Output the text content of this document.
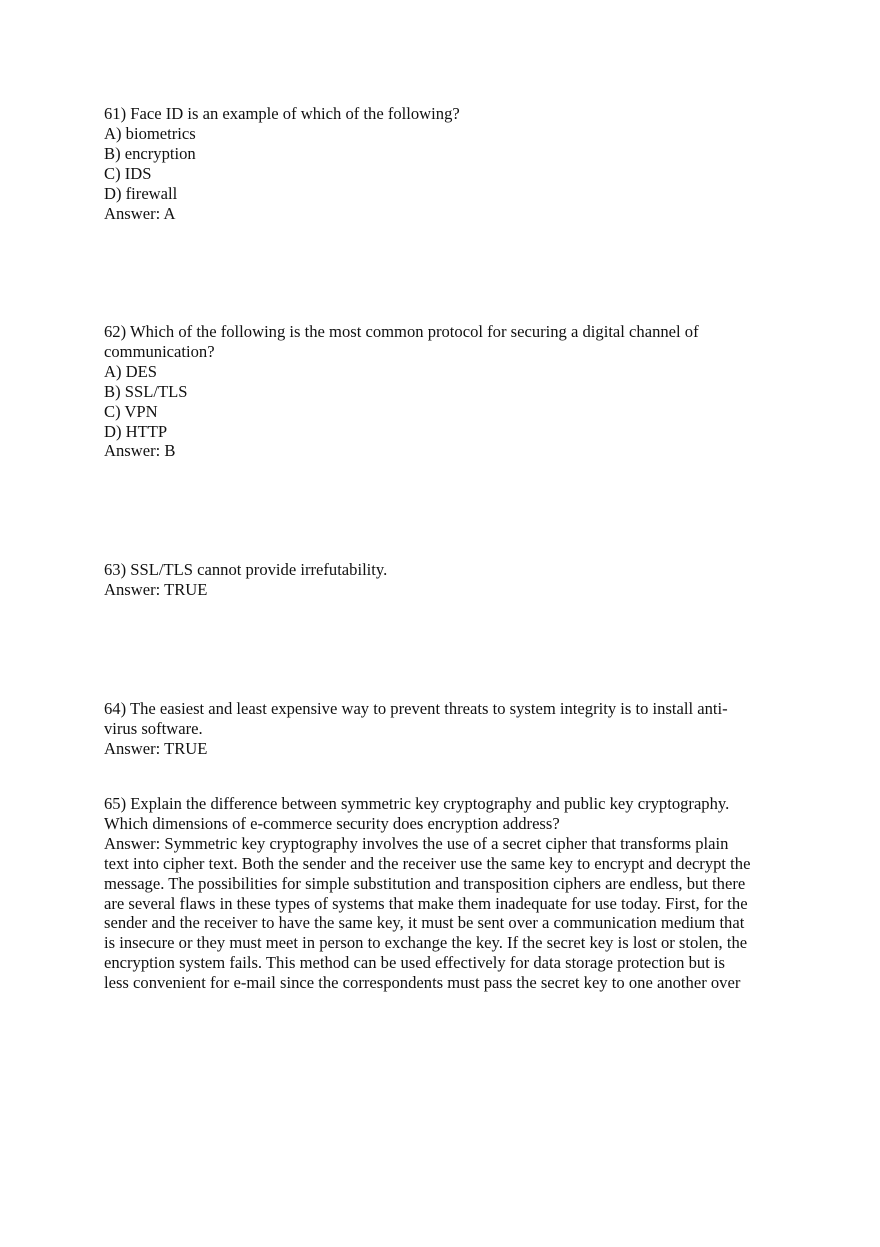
61) Face ID is an example of which of the following?
A) biometrics
B) encryption
C) IDS
D) firewall
Answer: A
62) Which of the following is the most common protocol for securing a digital channel of
communication?
A) DES
B) SSL/TLS
C) VPN
D) HTTP
Answer: B
63) SSL/TLS cannot provide irrefutability.
Answer: TRUE
64) The easiest and least expensive way to prevent threats to system integrity is to install anti-
virus software.
Answer: TRUE
65) Explain the difference between symmetric key cryptography and public key cryptography.
Which dimensions of e-commerce security does encryption address?
Answer: Symmetric key cryptography involves the use of a secret cipher that transforms plain
text into cipher text. Both the sender and the receiver use the same key to encrypt and decrypt the
message. The possibilities for simple substitution and transposition ciphers are endless, but there
are several flaws in these types of systems that make them inadequate for use today. First, for the
sender and the receiver to have the same key, it must be sent over a communication medium that
is insecure or they must meet in person to exchange the key. If the secret key is lost or stolen, the
encryption system fails. This method can be used effectively for data storage protection but is
less convenient for e-mail since the correspondents must pass the secret key to one another over
